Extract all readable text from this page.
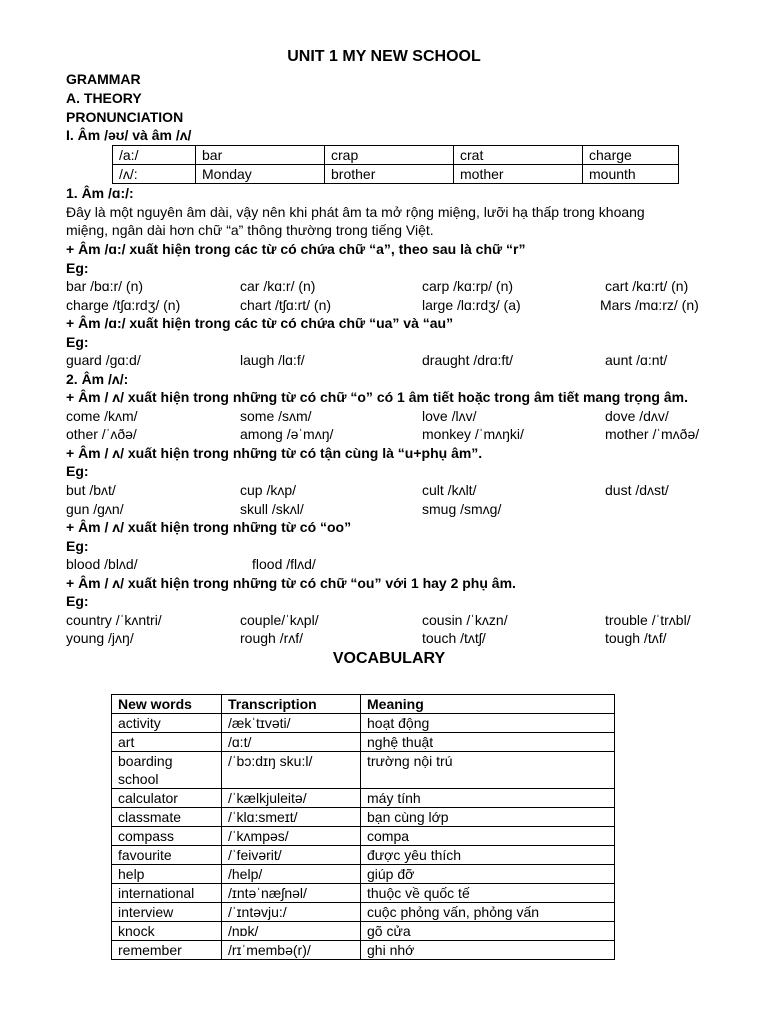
UNIT 1 MY NEW SCHOOL
GRAMMAR
A. THEORY
PRONUNCIATION
I. Âm /əʊ/ và âm /ʌ/
/a:/	bar	crap	crat	charge
/ʌ/:	Monday	brother	mother	mounth
1. Âm /ɑ:/:
Đây là một nguyên âm dài, vậy nên khi phát âm ta mở rộng miệng, lưỡi hạ thấp trong khoang
miệng, ngân dài hơn chữ “a” thông thường trong tiếng Việt.
+ Âm /ɑ:/ xuất hiện trong các từ có chứa chữ “a”, theo sau là chữ “r”
Eg:
bar /bɑ:r/ (n)	car /kɑ:r/ (n)	carp /kɑ:rp/ (n)	cart /kɑ:rt/ (n)
charge /tʃɑ:rdʒ/ (n)	chart /tʃɑ:rt/ (n)	large /lɑ:rdʒ/ (a)	Mars /mɑ:rz/ (n)
+ Âm /ɑ:/ xuất hiện trong các từ có chứa chữ “ua” và “au”
Eg:
guard /gɑ:d/	laugh /lɑ:f/	draught /drɑ:ft/	aunt /ɑ:nt/
2. Âm /ʌ/:
+ Âm / ʌ/ xuất hiện trong những từ có chữ “o” có 1 âm tiết hoặc trong âm tiết mang trọng âm.
come /kʌm/	some /sʌm/	love /lʌv/	dove /dʌv/
other /ˈʌðə/	among /əˈmʌŋ/	monkey /ˈmʌŋki/	mother /ˈmʌðə/
+ Âm / ʌ/ xuất hiện trong những từ có tận cùng là “u+phụ âm”.
Eg:
but /bʌt/	cup /kʌp/	cult /kʌlt/	dust /dʌst/
gun /gʌn/	skull /skʌl/	smug /smʌg/
+ Âm / ʌ/ xuất hiện trong những từ có “oo”
Eg:
blood /blʌd/	flood /flʌd/
+ Âm / ʌ/ xuất hiện trong những từ có chữ “ou” với 1 hay 2 phụ âm.
Eg:
country /ˈkʌntri/	couple/ˈkʌpl/	cousin /ˈkʌzn/	trouble /ˈtrʌbl/
young /jʌŋ/	rough /rʌf/	touch /tʌtʃ/	tough /tʌf/
VOCABULARY
New words	Transcription	Meaning
activity	/ækˈtɪvəti/	hoạt động
art	/ɑ:t/	nghệ thuật
boarding school	/ˈbɔ:dɪŋ sku:l/	trường nội trú
calculator	/ˈkælkjuleitə/	máy tính
classmate	/ˈklɑ:smeɪt/	bạn cùng lớp
compass	/ˈkʌmpəs/	compa
favourite	/ˈfeivərit/	được yêu thích
help	/help/	giúp đỡ
international	/ɪntəˈnæʃnəl/	thuộc về quốc tế
interview	/ˈɪntəvju:/	cuộc phỏng vấn, phỏng vấn
knock	/nɒk/	gõ cửa
remember	/rɪˈmembə(r)/	ghi nhớ
